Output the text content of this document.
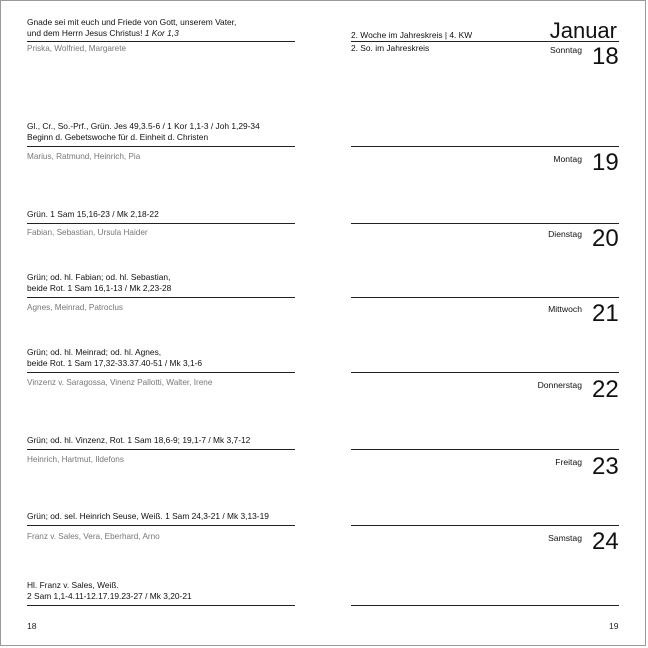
Gnade sei mit euch und Friede von Gott, unserem Vater,
und dem Herrn Jesus Christus! 1 Kor 1,3
Priska, Wolfried, Margarete
Gl., Cr., So.-Prf., Grün. Jes 49,3.5-6 / 1 Kor 1,1-3 / Joh 1,29-34
Beginn d. Gebetswoche für d. Einheit d. Christen
Marius, Ratmund, Heinrich, Pia
Grün. 1 Sam 15,16-23 / Mk 2,18-22
Fabian, Sebastian, Ursula Haider
Grün; od. hl. Fabian; od. hl. Sebastian,
beide Rot. 1 Sam 16,1-13 / Mk 2,23-28
Agnes, Meinrad, Patroclus
Grün; od. hl. Meinrad; od. hl. Agnes,
beide Rot. 1 Sam 17,32-33.37.40-51 / Mk 3,1-6
Vinzenz v. Saragossa, Vinenz Pallotti, Walter, Irene
Grün; od. hl. Vinzenz, Rot. 1 Sam 18,6-9; 19,1-7 / Mk 3,7-12
Heinrich, Hartmut, Ildefons
Grün; od. sel. Heinrich Seuse, Weiß. 1 Sam 24,3-21 / Mk 3,13-19
Franz v. Sales, Vera, Eberhard, Arno
Hl. Franz v. Sales, Weiß.
2 Sam 1,1-4.11-12.17.19.23-27 / Mk 3,20-21
Januar
2. Woche im Jahreskreis | 4. KW
2. So. im Jahreskreis	Sonntag 18
Montag 19
Dienstag 20
Mittwoch 21
Donnerstag 22
Freitag 23
Samstag 24
18	19
